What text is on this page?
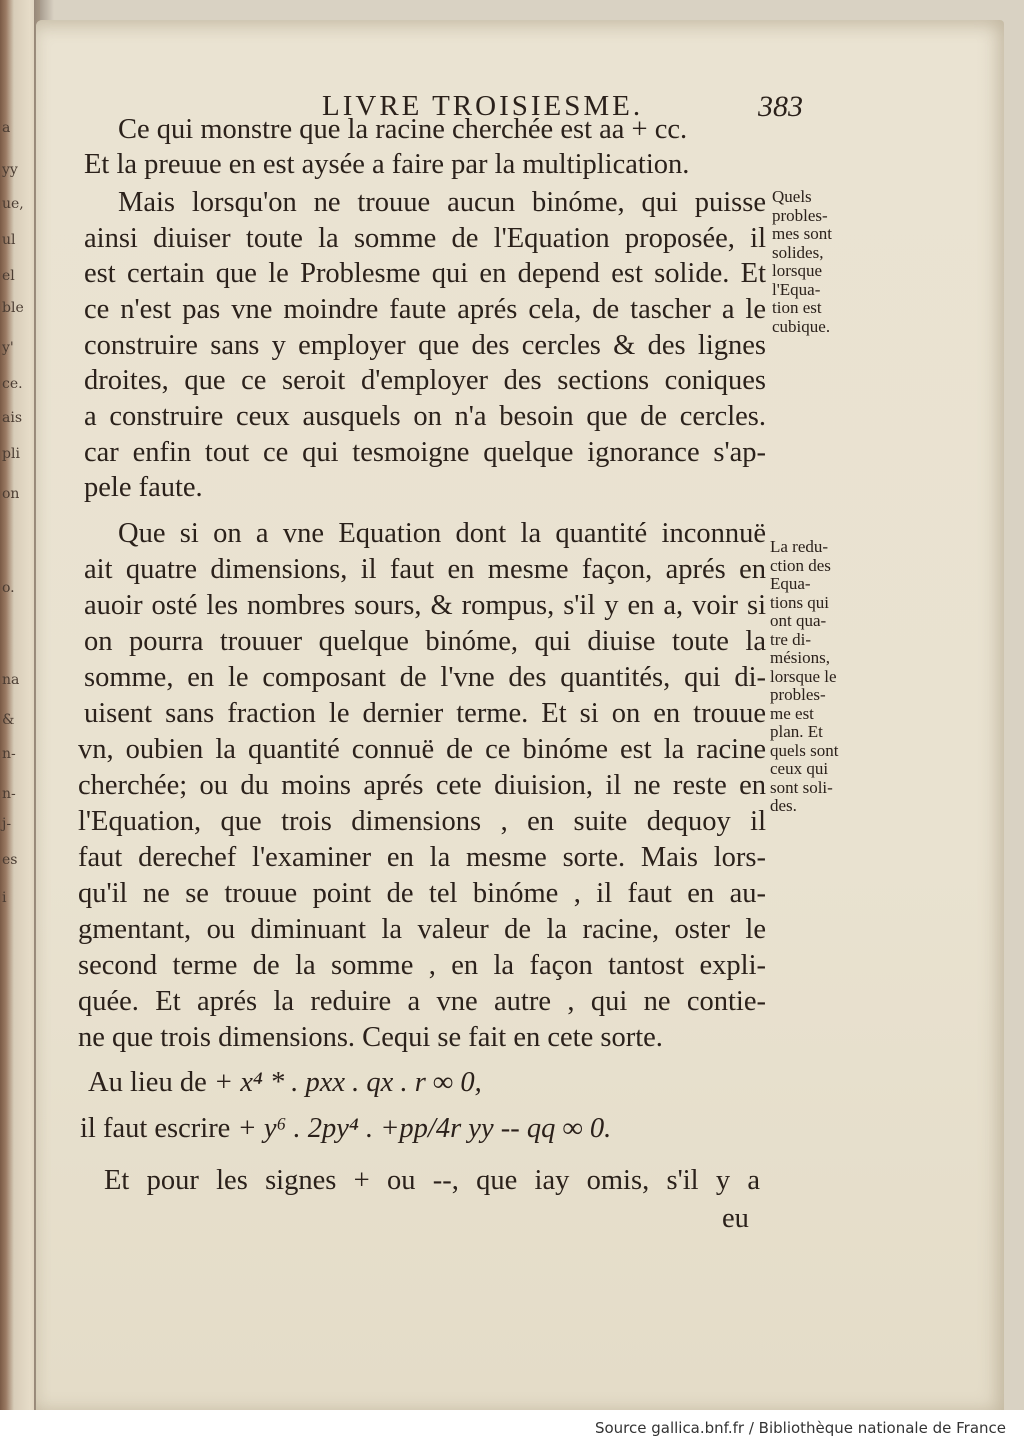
a
yy
ue,
ul
el
ble
y'
ce.
ais
pli
on
o.
na
&
n-
n-
j-
es
i
LIVRE TROISIESME.	383
Ce qui monstre que la racine cherchée est aa + cc.
Et la preuue en est aysée a faire par la multiplication.
Mais lorsqu'on ne trouue aucun binóme, qui puisse
ainsi diuiser toute la somme de l'Equation proposée, il
est certain que le Problesme qui en depend est solide. Et
ce n'est pas vne moindre faute aprés cela, de tascher a le
construire sans y employer que des cercles & des lignes
droites, que ce seroit d'employer des sections coniques
a construire ceux ausquels on n'a besoin que de cercles.
car enfin tout ce qui tesmoigne quelque ignorance s'ap-
pele faute.
Que si on a vne Equation dont la quantité inconnuë
ait quatre dimensions, il faut en mesme façon, aprés en
auoir osté les nombres sours, & rompus, s'il y en a, voir si
on pourra trouuer quelque binóme, qui diuise toute la
somme, en le composant de l'vne des quantités, qui di-
uisent sans fraction le dernier terme. Et si on en trouue
vn, oubien la quantité connuë de ce binóme est la racine
cherchée; ou du moins aprés cete diuision, il ne reste en
l'Equation, que trois dimensions , en suite dequoy il
faut derechef l'examiner en la mesme sorte. Mais lors-
qu'il ne se trouue point de tel binóme , il faut en au-
gmentant, ou diminuant la valeur de la racine, oster le
second terme de la somme , en la façon tantost expli-
quée. Et aprés la reduire a vne autre , qui ne contie-
ne que trois dimensions. Cequi se fait en cete sorte.
Au lieu de + x⁴ * . pxx . qx . r ∞ 0,
il faut escrire + y⁶ . 2py⁴ . +pp/4r yy -- qq ∞ 0.
Et pour les signes + ou --, que iay omis, s'il y a
eu
Quels
probles-
mes sont
solides,
lorsque
l'Equa-
tion est
cubique.
La redu-
ction des
Equa-
tions qui
ont qua-
tre di-
mésions,
lorsque le
probles-
me est
plan. Et
quels sont
ceux qui
sont soli-
des.
Source gallica.bnf.fr / Bibliothèque nationale de France
